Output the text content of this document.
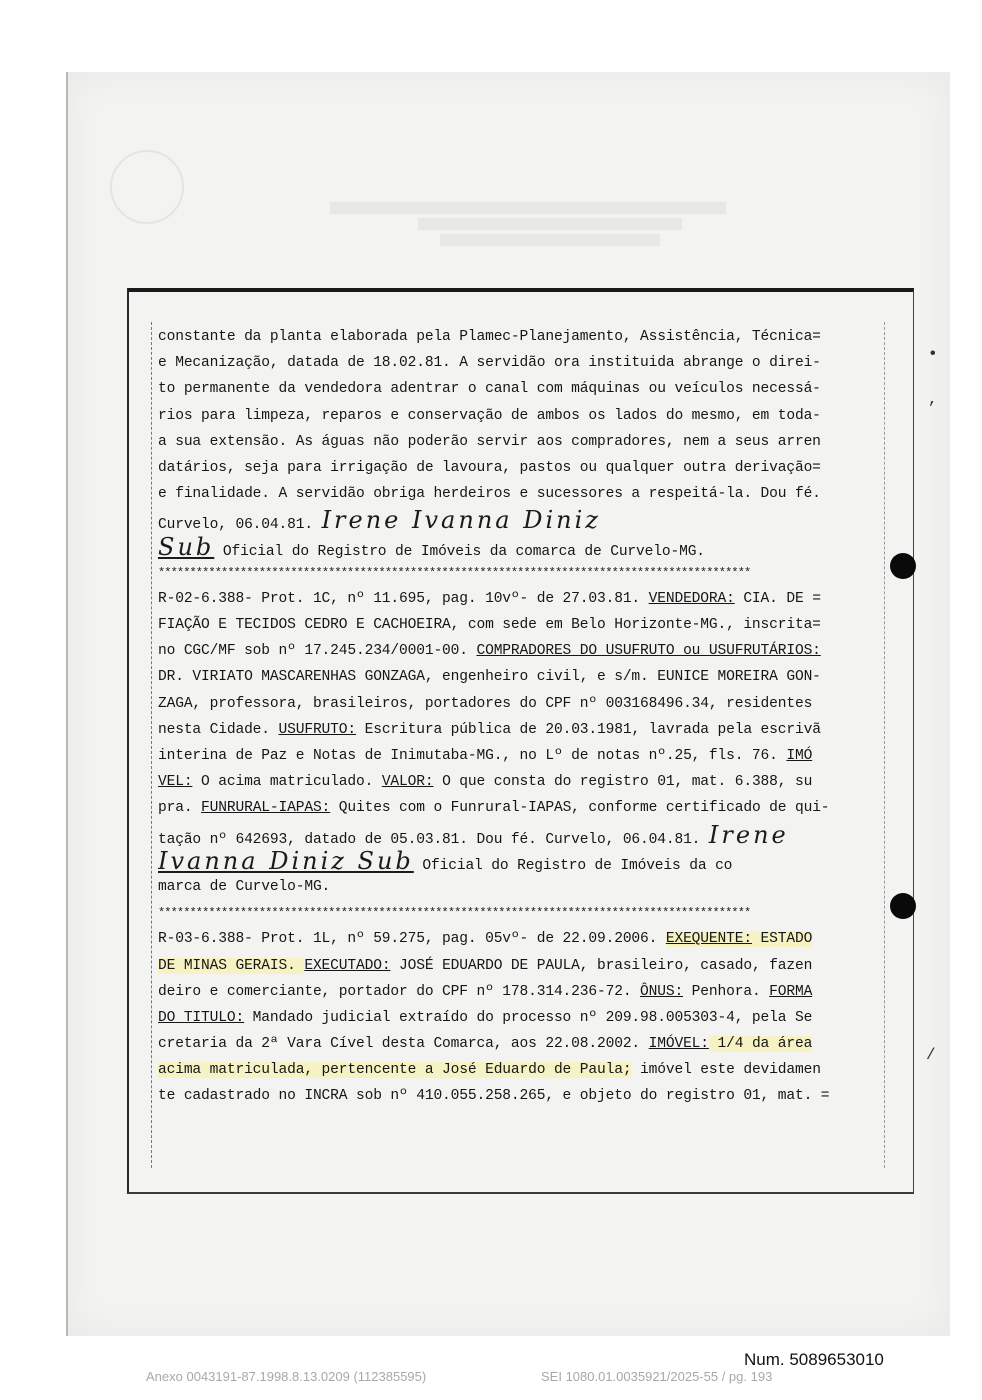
•
,
/
constante da planta elaborada pela Plamec-Planejamento, Assistência, Técnica=
e Mecanização, datada de 18.02.81. A servidão ora instituida abrange o direi-
to permanente da vendedora adentrar o canal com máquinas ou veículos necessá-
rios para limpeza, reparos e conservação de ambos os lados do mesmo, em toda-
a sua extensão. As águas não poderão servir aos compradores, nem a seus arren
datários, seja para irrigação de lavoura, pastos ou qualquer outra derivação=
e finalidade. A servidão obriga herdeiros e sucessores a respeitá-la. Dou fé.
Curvelo, 06.04.81. Irene Ivanna Diniz
Sub Oficial do Registro de Imóveis da comarca de Curvelo-MG.
**********************************************************************************************
R-02-6.388- Prot. 1C, nº 11.695, pag. 10vº- de 27.03.81. VENDEDORA: CIA. DE =
FIAÇÃO E TECIDOS CEDRO E CACHOEIRA, com sede em Belo Horizonte-MG., inscrita=
no CGC/MF sob nº 17.245.234/0001-00. COMPRADORES DO USUFRUTO ou USUFRUTÁRIOS:
DR. VIRIATO MASCARENHAS GONZAGA, engenheiro civil, e s/m. EUNICE MOREIRA GON-
ZAGA, professora, brasileiros, portadores do CPF nº 003168496.34, residentes
nesta Cidade. USUFRUTO: Escritura pública de 20.03.1981, lavrada pela escrivã
interina de Paz e Notas de Inimutaba-MG., no Lº de notas nº.25, fls. 76. IMÓ
VEL: O acima matriculado. VALOR: O que consta do registro 01, mat. 6.388, su
pra. FUNRURAL-IAPAS: Quites com o Funrural-IAPAS, conforme certificado de qui-
tação nº 642693, datado de 05.03.81. Dou fé. Curvelo, 06.04.81. Irene
Ivanna Diniz Sub Oficial do Registro de Imóveis da co
marca de Curvelo-MG.
**********************************************************************************************
R-03-6.388- Prot. 1L, nº 59.275, pag. 05vº- de 22.09.2006. EXEQUENTE: ESTADO
DE MINAS GERAIS. EXECUTADO: JOSÉ EDUARDO DE PAULA, brasileiro, casado, fazen
deiro e comerciante, portador do CPF nº 178.314.236-72. ÔNUS: Penhora. FORMA
DO TITULO: Mandado judicial extraído do processo nº 209.98.005303-4, pela Se
cretaria da 2ª Vara Cível desta Comarca, aos 22.08.2002. IMÓVEL: 1/4 da área
acima matriculada, pertencente a José Eduardo de Paula; imóvel este devidamen
te cadastrado no INCRA sob nº 410.055.258.265, e objeto do registro 01, mat. =
Num. 5089653010
Anexo 0043191-87.1998.8.13.0209 (112385595)	SEI 1080.01.0035921/2025-55 / pg. 193
